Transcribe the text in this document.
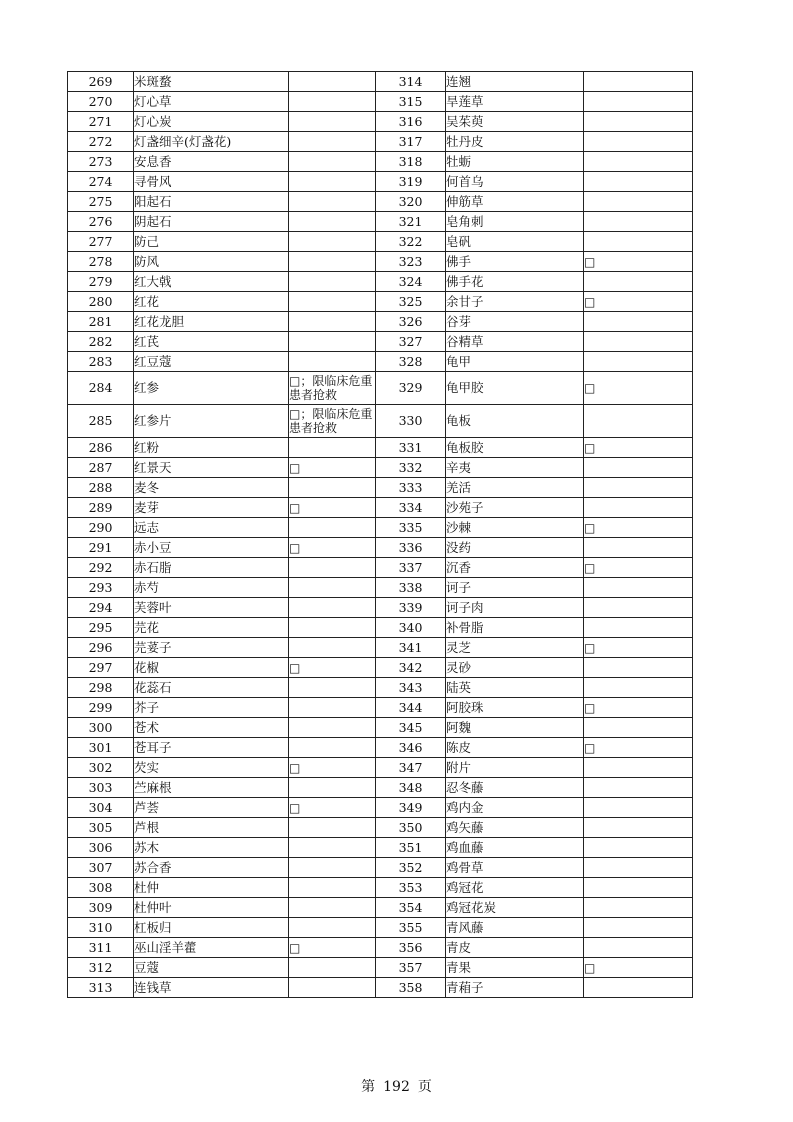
269	米斑蝥		314	连翘	
270	灯心草		315	旱莲草	
271	灯心炭		316	吴茱萸	
272	灯盏细辛(灯盏花)		317	牡丹皮	
273	安息香		318	牡蛎	
274	寻骨风		319	何首乌	
275	阳起石		320	伸筋草	
276	阴起石		321	皂角刺	
277	防己		322	皂矾	
278	防风		323	佛手	□
279	红大戟		324	佛手花	
280	红花		325	余甘子	□
281	红花龙胆		326	谷芽	
282	红芪		327	谷精草	
283	红豆蔻		328	龟甲	
284	红参	□；限临床危重患者抢救	329	龟甲胶	□
285	红参片	□；限临床危重患者抢救	330	龟板	
286	红粉		331	龟板胶	□
287	红景天	□	332	辛夷	
288	麦冬		333	羌活	
289	麦芽	□	334	沙苑子	
290	远志		335	沙棘	□
291	赤小豆	□	336	没药	
292	赤石脂		337	沉香	□
293	赤芍		338	诃子	
294	芙蓉叶		339	诃子肉	
295	芫花		340	补骨脂	
296	芫荽子		341	灵芝	□
297	花椒	□	342	灵砂	
298	花蕊石		343	陆英	
299	芥子		344	阿胶珠	□
300	苍术		345	阿魏	
301	苍耳子		346	陈皮	□
302	芡实	□	347	附片	
303	苎麻根		348	忍冬藤	
304	芦荟	□	349	鸡内金	
305	芦根		350	鸡矢藤	
306	苏木		351	鸡血藤	
307	苏合香		352	鸡骨草	
308	杜仲		353	鸡冠花	
309	杜仲叶		354	鸡冠花炭	
310	杠板归		355	青风藤	
311	巫山淫羊藿	□	356	青皮	
312	豆蔻		357	青果	□
313	连钱草		358	青葙子	
第 192 页
